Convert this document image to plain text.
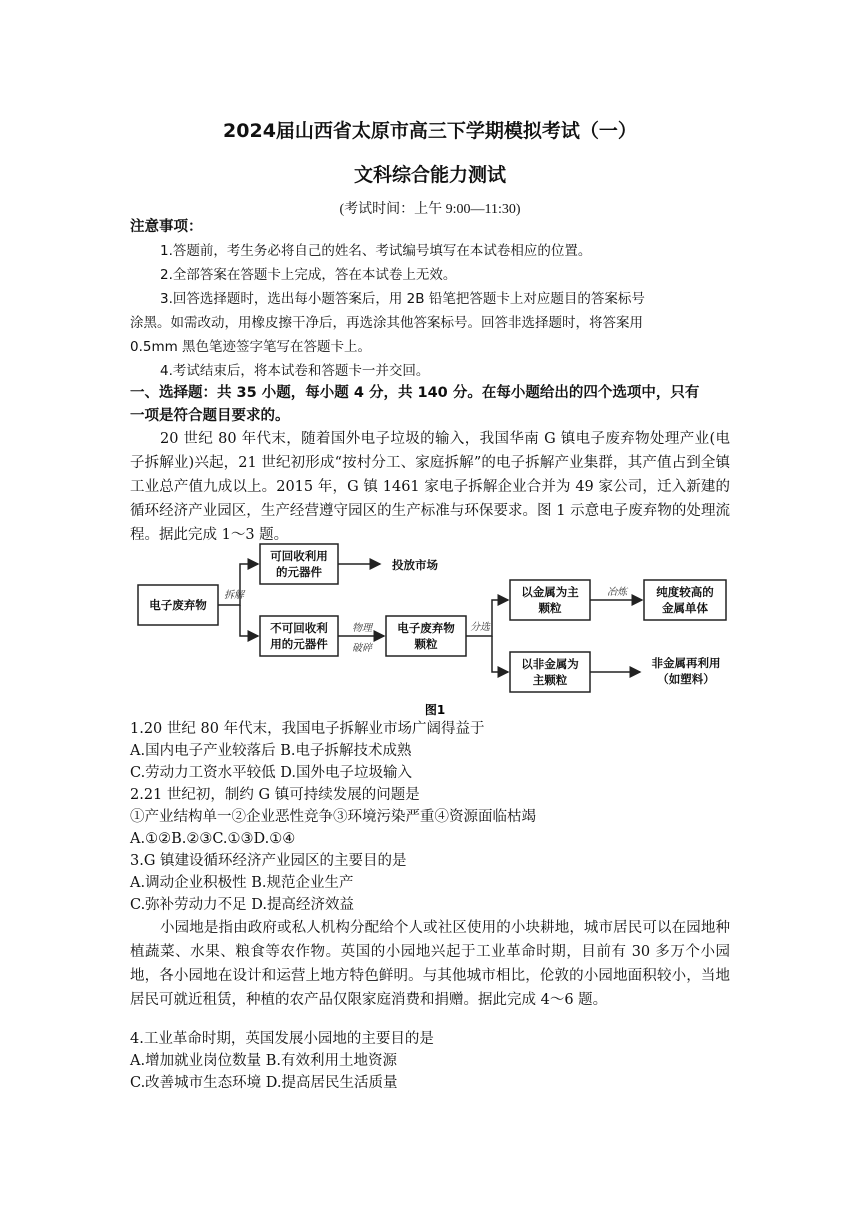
2024届山西省太原市高三下学期模拟考试（一）
文科综合能力测试
(考试时间：上午 9:00—11:30)
注意事项：
1.答题前，考生务必将自己的姓名、考试编号填写在本试卷相应的位置。
2.全部答案在答题卡上完成，答在本试卷上无效。
3.回答选择题时，选出每小题答案后，用 2B 铅笔把答题卡上对应题目的答案标号
涂黑。如需改动，用橡皮擦干净后，再选涂其他答案标号。回答非选择题时，将答案用
0.5mm 黑色笔迹签字笔写在答题卡上。
4.考试结束后，将本试卷和答题卡一并交回。
一、选择题：共 35 小题，每小题 4 分，共 140 分。在每小题给出的四个选项中，只有
一项是符合题目要求的。
20 世纪 80 年代末，随着国外电子垃圾的输入，我国华南 G 镇电子废弃物处理产业(电子拆解业)兴起，21 世纪初形成“按村分工、家庭拆解”的电子拆解产业集群，其产值占到全镇工业总产值九成以上。2015 年，G 镇 1461 家电子拆解企业合并为 49 家公司，迁入新建的循环经济产业园区，生产经营遵守园区的生产标准与环保要求。图 1 示意电子废弃物的处理流程。据此完成 1～3 题。
电子废弃物
可回收利用
的元器件
不可回收利
用的元器件
电子废弃物
颗粒
以金属为主
颗粒
以非金属为
主颗粒
纯度较高的
金属单体
投放市场
非金属再利用
（如塑料）
拆解
物理
破碎
分选
冶炼
图1
1.20 世纪 80 年代末，我国电子拆解业市场广阔得益于
A.国内电子产业较落后 B.电子拆解技术成熟
C.劳动力工资水平较低 D.国外电子垃圾输入
2.21 世纪初，制约 G 镇可持续发展的问题是
①产业结构单一②企业恶性竞争③环境污染严重④资源面临枯竭
A.①②B.②③C.①③D.①④
3.G 镇建设循环经济产业园区的主要目的是
A.调动企业积极性 B.规范企业生产
C.弥补劳动力不足 D.提高经济效益
小园地是指由政府或私人机构分配给个人或社区使用的小块耕地，城市居民可以在园地种植蔬菜、水果、粮食等农作物。英国的小园地兴起于工业革命时期，目前有 30 多万个小园地，各小园地在设计和运营上地方特色鲜明。与其他城市相比，伦敦的小园地面积较小，当地居民可就近租赁，种植的农产品仅限家庭消费和捐赠。据此完成 4～6 题。
4.工业革命时期，英国发展小园地的主要目的是
A.增加就业岗位数量 B.有效利用土地资源
C.改善城市生态环境 D.提高居民生活质量
